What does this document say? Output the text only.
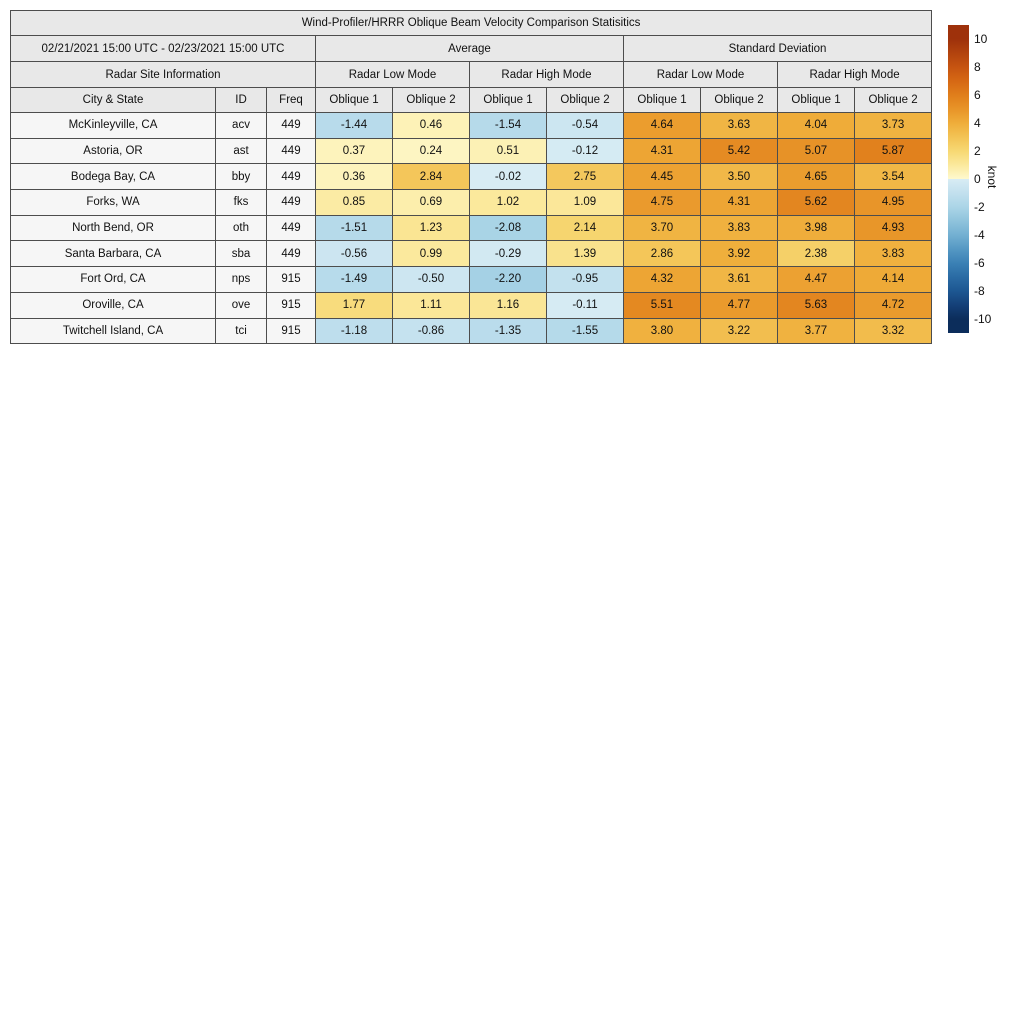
Wind-Profiler/HRRR Oblique Beam Velocity Comparison Statisitics										
02/21/2021 15:00 UTC - 02/23/2021 15:00 UTC			Average				Standard Deviation			
Radar Site Information			Radar Low Mode		Radar High Mode		Radar Low Mode		Radar High Mode	
City & State	ID	Freq	Oblique 1	Oblique 2	Oblique 1	Oblique 2	Oblique 1	Oblique 2	Oblique 1	Oblique 2
McKinleyville, CA	acv	449	-1.44	0.46	-1.54	-0.54	4.64	3.63	4.04	3.73
Astoria, OR	ast	449	0.37	0.24	0.51	-0.12	4.31	5.42	5.07	5.87
Bodega Bay, CA	bby	449	0.36	2.84	-0.02	2.75	4.45	3.50	4.65	3.54
Forks, WA	fks	449	0.85	0.69	1.02	1.09	4.75	4.31	5.62	4.95
North Bend, OR	oth	449	-1.51	1.23	-2.08	2.14	3.70	3.83	3.98	4.93
Santa Barbara, CA	sba	449	-0.56	0.99	-0.29	1.39	2.86	3.92	2.38	3.83
Fort Ord, CA	nps	915	-1.49	-0.50	-2.20	-0.95	4.32	3.61	4.47	4.14
Oroville, CA	ove	915	1.77	1.11	1.16	-0.11	5.51	4.77	5.63	4.72
Twitchell Island, CA	tci	915	-1.18	-0.86	-1.35	-1.55	3.80	3.22	3.77	3.32
10
8
6
4
2
0
-2
-4
-6
-8
-10
knot
